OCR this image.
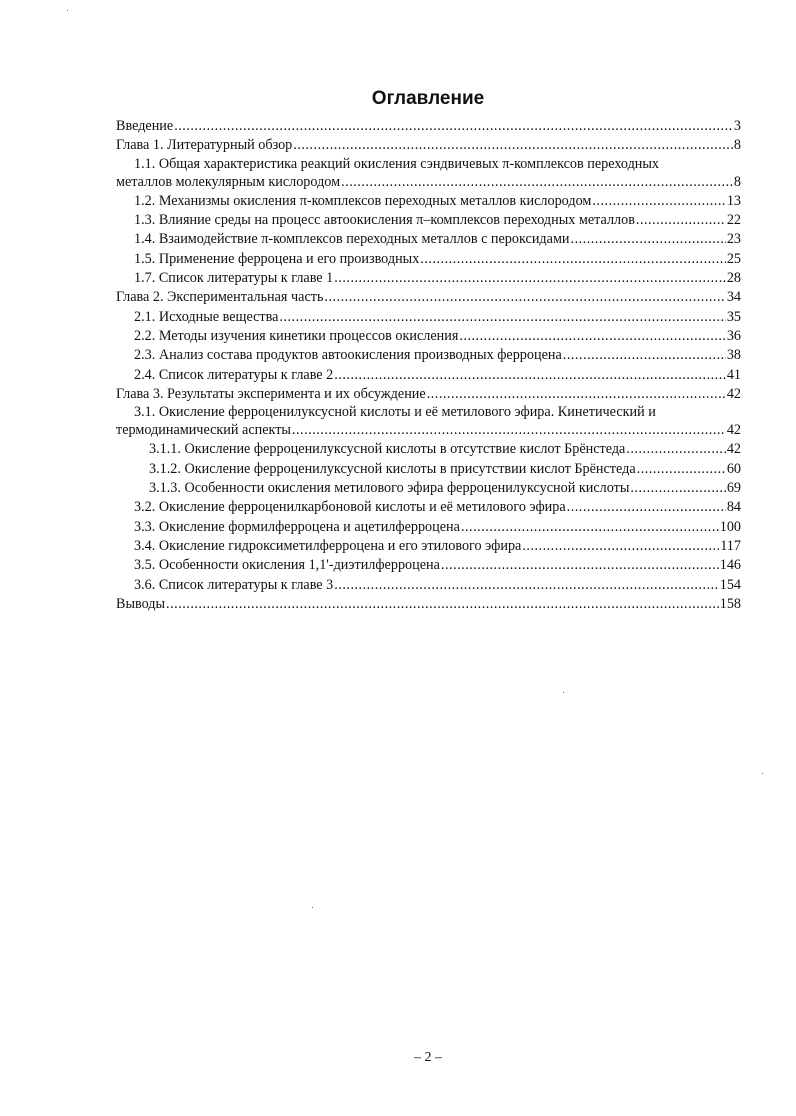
Оглавление
Введение .....	3
Глава 1. Литературный обзор .....	8
1.1. Общая характеристика реакций окисления сэндвичевых π-комплексов переходных
металлов молекулярным кислородом .....	8
1.2. Механизмы окисления π-комплексов переходных металлов кислородом .....	13
1.3. Влияние среды на процесс автоокисления π–комплексов переходных металлов .....	22
1.4. Взаимодействие π-комплексов переходных металлов с пероксидами .....	23
1.5. Применение ферроцена и его производных .....	25
1.7. Список литературы к главе 1 .....	28
Глава 2. Экспериментальная часть .....	34
2.1. Исходные вещества .....	35
2.2. Методы изучения кинетики процессов окисления .....	36
2.3. Анализ состава продуктов автоокисления производных ферроцена .....	38
2.4. Список литературы к главе 2 .....	41
Глава 3. Результаты эксперимента и их обсуждение .....	42
3.1. Окисление ферроценилуксусной кислоты и её метилового эфира. Кинетический и
термодинамический аспекты .....	42
3.1.1. Окисление ферроценилуксусной кислоты в отсутствие кислот Брёнстеда .....	42
3.1.2. Окисление ферроценилуксусной кислоты в присутствии кислот Брёнстеда .....	60
3.1.3. Особенности окисления метилового эфира ферроценилуксусной кислоты .....	69
3.2. Окисление ферроценилкарбоновой кислоты и её метилового эфира .....	84
3.3. Окисление формилферроцена и ацетилферроцена .....	100
3.4. Окисление гидроксиметилферроцена и его этилового эфира .....	117
3.5. Особенности окисления 1,1'-диэтилферроцена .....	146
3.6. Список литературы к главе 3 .....	154
Выводы .....	158
– 2 –
